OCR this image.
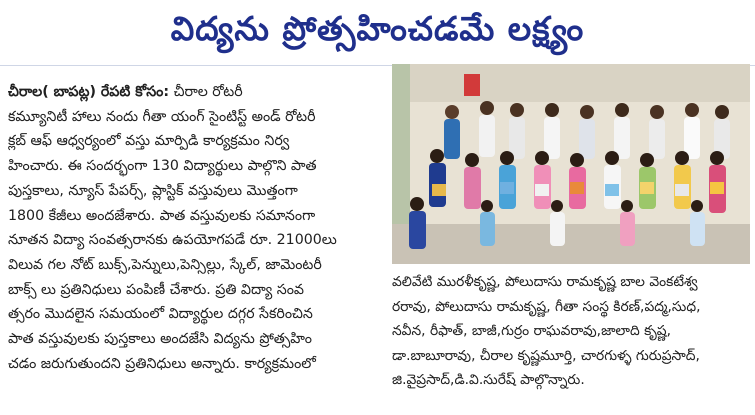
విద్యను ప్రోత్సహించడమే లక్ష్యం
చీరాల( బాపట్ల) రేపటి కోసం: చీరాల రోటరీ
కమ్యూనిటీ హాలు నందు గీతా యంగ్ సైంటిస్ట్ అండ్ రోటరీ
క్లబ్ ఆఫ్ ఆధ్వర్యంలో వస్తు మార్పిడి కార్యక్రమం నిర్వ
హించారు. ఈ సందర్భంగా 130 విద్యార్థులు పాల్గొని పాత
పుస్తకాలు, న్యూస్ పేపర్స్, ప్లాస్టిక్ వస్తువులు మొత్తంగా
1800 కేజీలు అందజేశారు. పాత వస్తువులకు సమానంగా
నూతన విద్యా సంవత్సరానకు ఉపయోగపడే రూ. 21000లు
విలువ గల నోట్ బుక్స్,పెన్నులు,పెన్సిల్లు, స్కేల్, జామెంటరీ
బాక్స్ లు ప్రతినిధులు పంపిణీ చేశారు. ప్రతి విద్యా సంవ
త్సరం మొదలైన సమయంలో విద్యార్థుల దగ్గర సేకరించిన
పాత వస్తువులకు పుస్తకాలు అందజేసి విద్యను ప్రోత్సహిం
చడం జరుగుతుందని ప్రతినిధులు అన్నారు. కార్యక్రమంలో
వలివేటి మురళీకృష్ణ, పోలుదాసు రామకృష్ణ బాల వెంకటేశ్వ
రరావు, పోలుదాసు రామకృష్ణ, గీతా సంస్థ కిరణ్,పద్మ,సుధ,
నవీన, రీఫాత్, బాజీ,గుర్రం రాఘవరావు,జాలాది కృష్ణ,
డా.బాబూరావు, చీరాల కృష్ణమూర్తి, చారగుళ్ళ గురుప్రసాద్,
జి.వైప్రసాద్,డి.వి.సురేష్ పాల్గొన్నారు.
